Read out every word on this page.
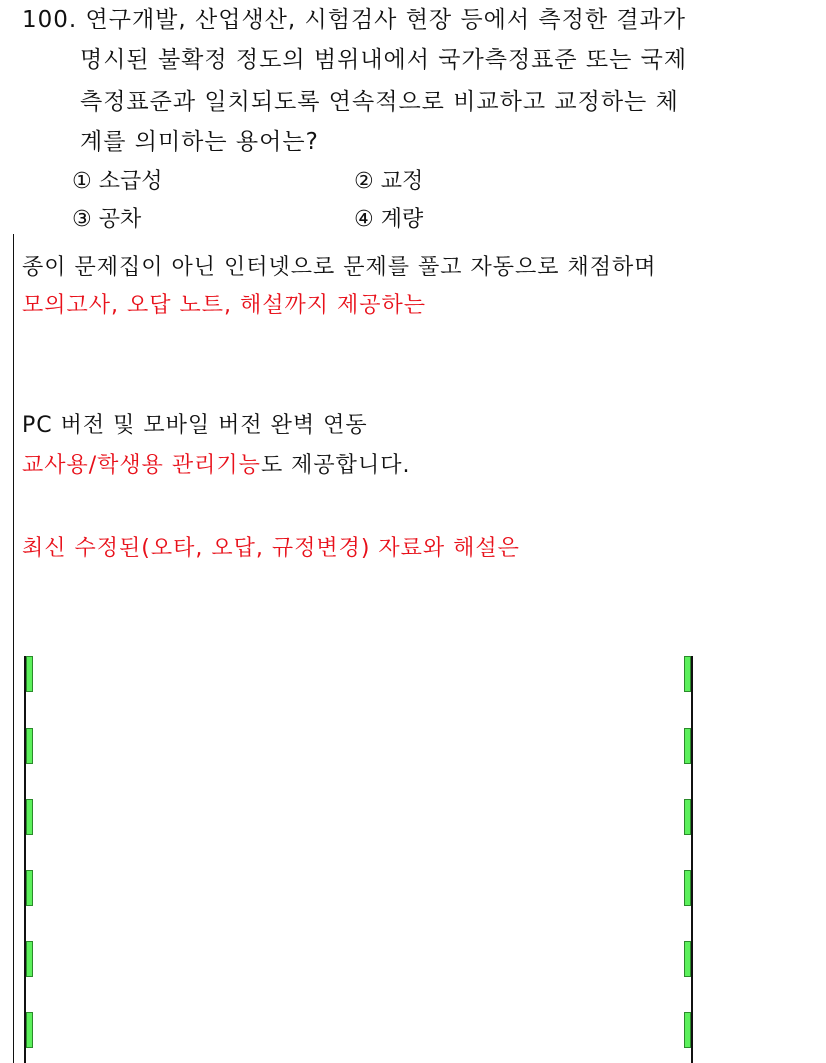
100. 연구개발, 산업생산, 시험검사 현장 등에서 측정한 결과가
명시된 불확정 정도의 범위내에서 국가측정표준 또는 국제
측정표준과 일치되도록 연속적으로 비교하고 교정하는 체
계를 의미하는 용어는?
① 소급성	② 교정
③ 공차	④ 계량
종이 문제집이 아닌 인터넷으로 문제를 풀고 자동으로 채점하며
모의고사, 오답 노트, 해설까지 제공하는
PC 버전 및 모바일 버전 완벽 연동
교사용/학생용 관리기능도 제공합니다.
최신 수정된(오타, 오답, 규정변경) 자료와 해설은
